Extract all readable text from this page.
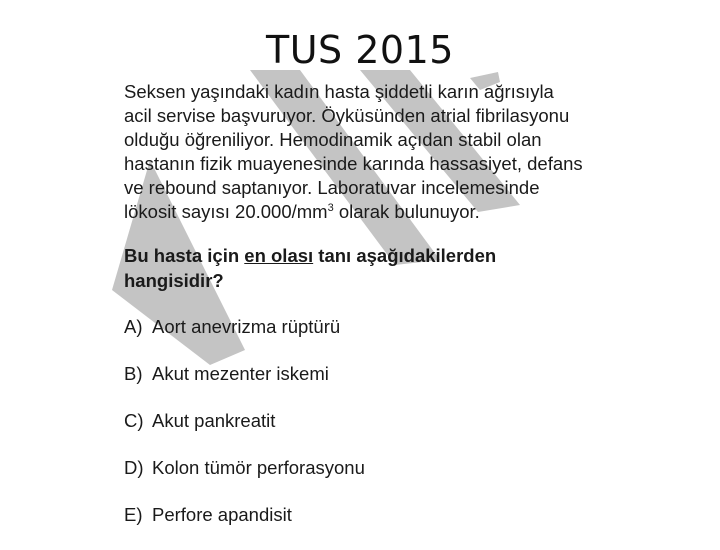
TUS 2015
Seksen yaşındaki kadın hasta şiddetli karın ağrısıyla
acil servise başvuruyor. Öyküsünden atrial fibrilasyonu
olduğu öğreniliyor. Hemodinamik açıdan stabil olan
hastanın fizik muayenesinde karında hassasiyet, defans
ve rebound saptanıyor. Laboratuvar incelemesinde
lökosit sayısı $20.000/mm^3$ olarak bulunuyor.
Bu hasta için en olası tanı aşağıdakilerden
hangisidir?
A) Aort anevrizma rüptürü
B) Akut mezenter iskemi
C) Akut pankreatit
D) Kolon tümör perforasyonu
E) Perfore apandisit
